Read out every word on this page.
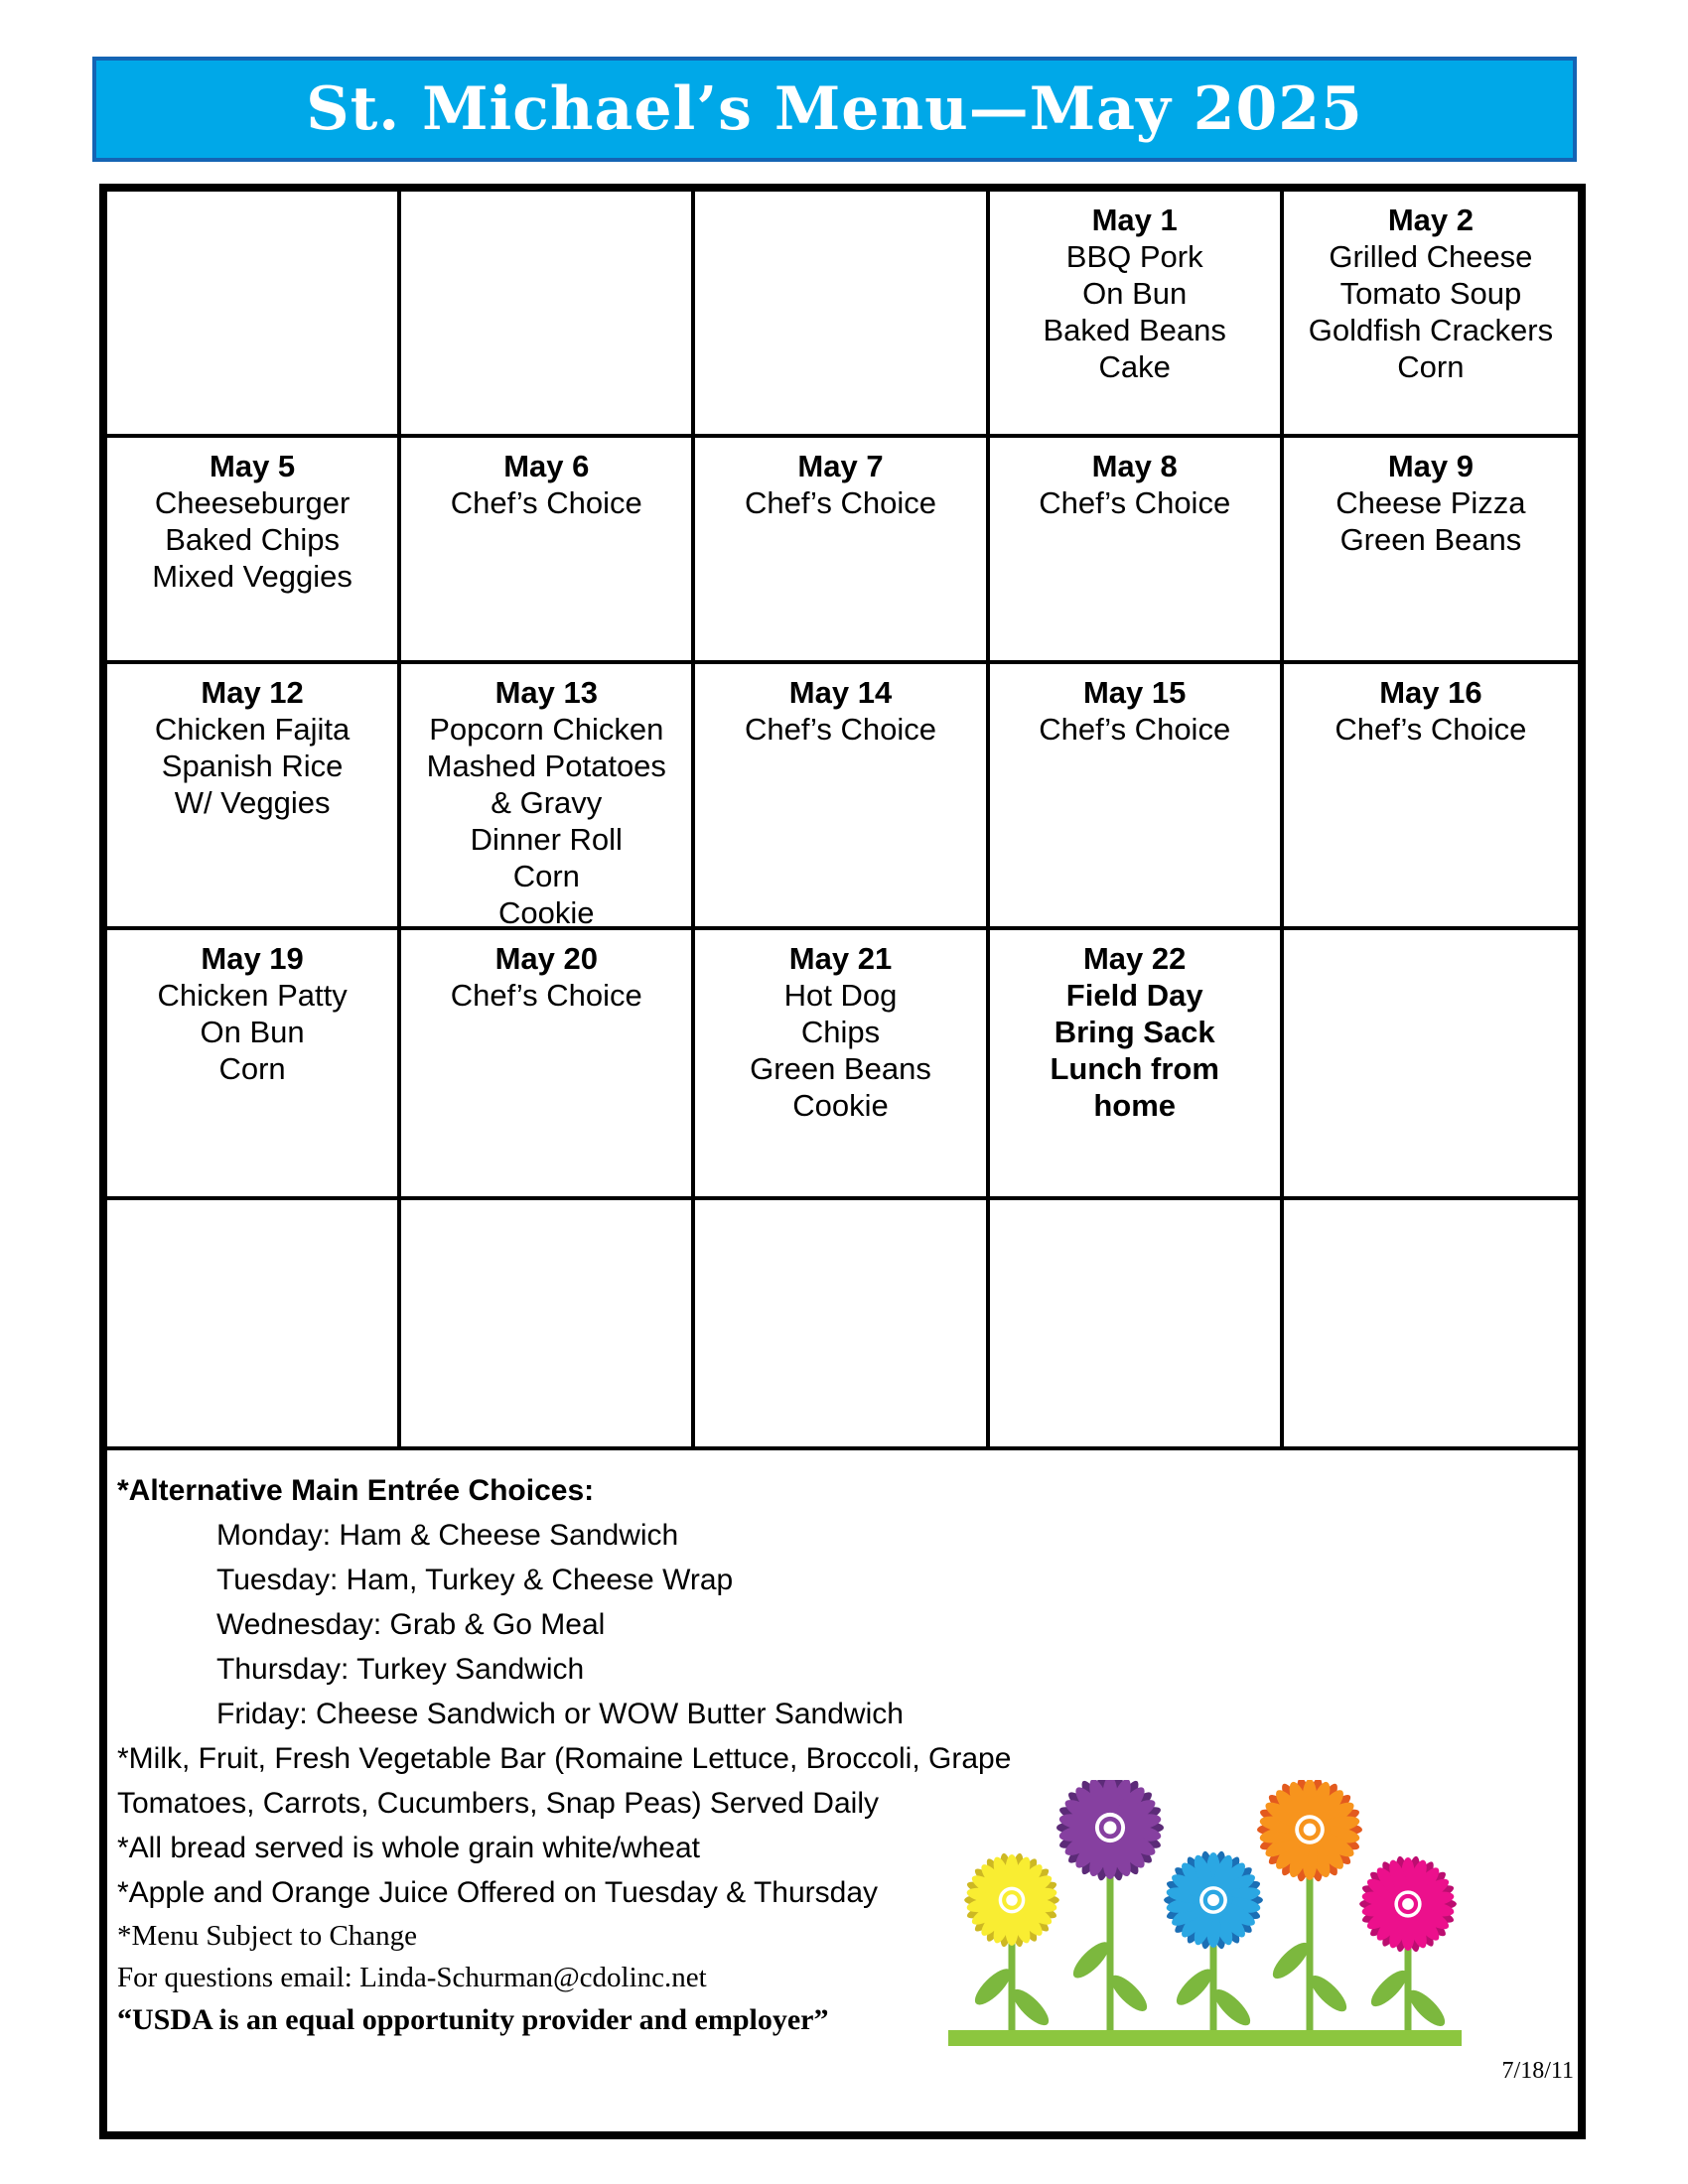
St. Michael’s Menu—May 2025
May 1
BBQ Pork
On Bun
Baked Beans
Cake
May 2
Grilled Cheese
Tomato Soup
Goldfish Crackers
Corn
May 5
Cheeseburger
Baked Chips
Mixed Veggies
May 6
Chef’s Choice
May 7
Chef’s Choice
May 8
Chef’s Choice
May 9
Cheese Pizza
Green Beans
May 12
Chicken Fajita
Spanish Rice
W/ Veggies
May 13
Popcorn Chicken
Mashed Potatoes
& Gravy
Dinner Roll
Corn
Cookie
May 14
Chef’s Choice
May 15
Chef’s Choice
May 16
Chef’s Choice
May 19
Chicken Patty
On Bun
Corn
May 20
Chef’s Choice
May 21
Hot Dog
Chips
Green Beans
Cookie
May 22
Field Day
Bring Sack
Lunch from
home
*Alternative Main Entrée Choices:
Monday: Ham & Cheese Sandwich
Tuesday: Ham, Turkey & Cheese Wrap
Wednesday: Grab & Go Meal
Thursday: Turkey Sandwich
Friday: Cheese Sandwich or WOW Butter Sandwich
*Milk, Fruit, Fresh Vegetable Bar (Romaine Lettuce, Broccoli, Grape
Tomatoes, Carrots, Cucumbers, Snap Peas) Served Daily
*All bread served is whole grain white/wheat
*Apple and Orange Juice Offered on Tuesday & Thursday
*Menu Subject to Change
For questions email: Linda-Schurman@cdolinc.net
“USDA is an equal opportunity provider and employer”
7/18/11
